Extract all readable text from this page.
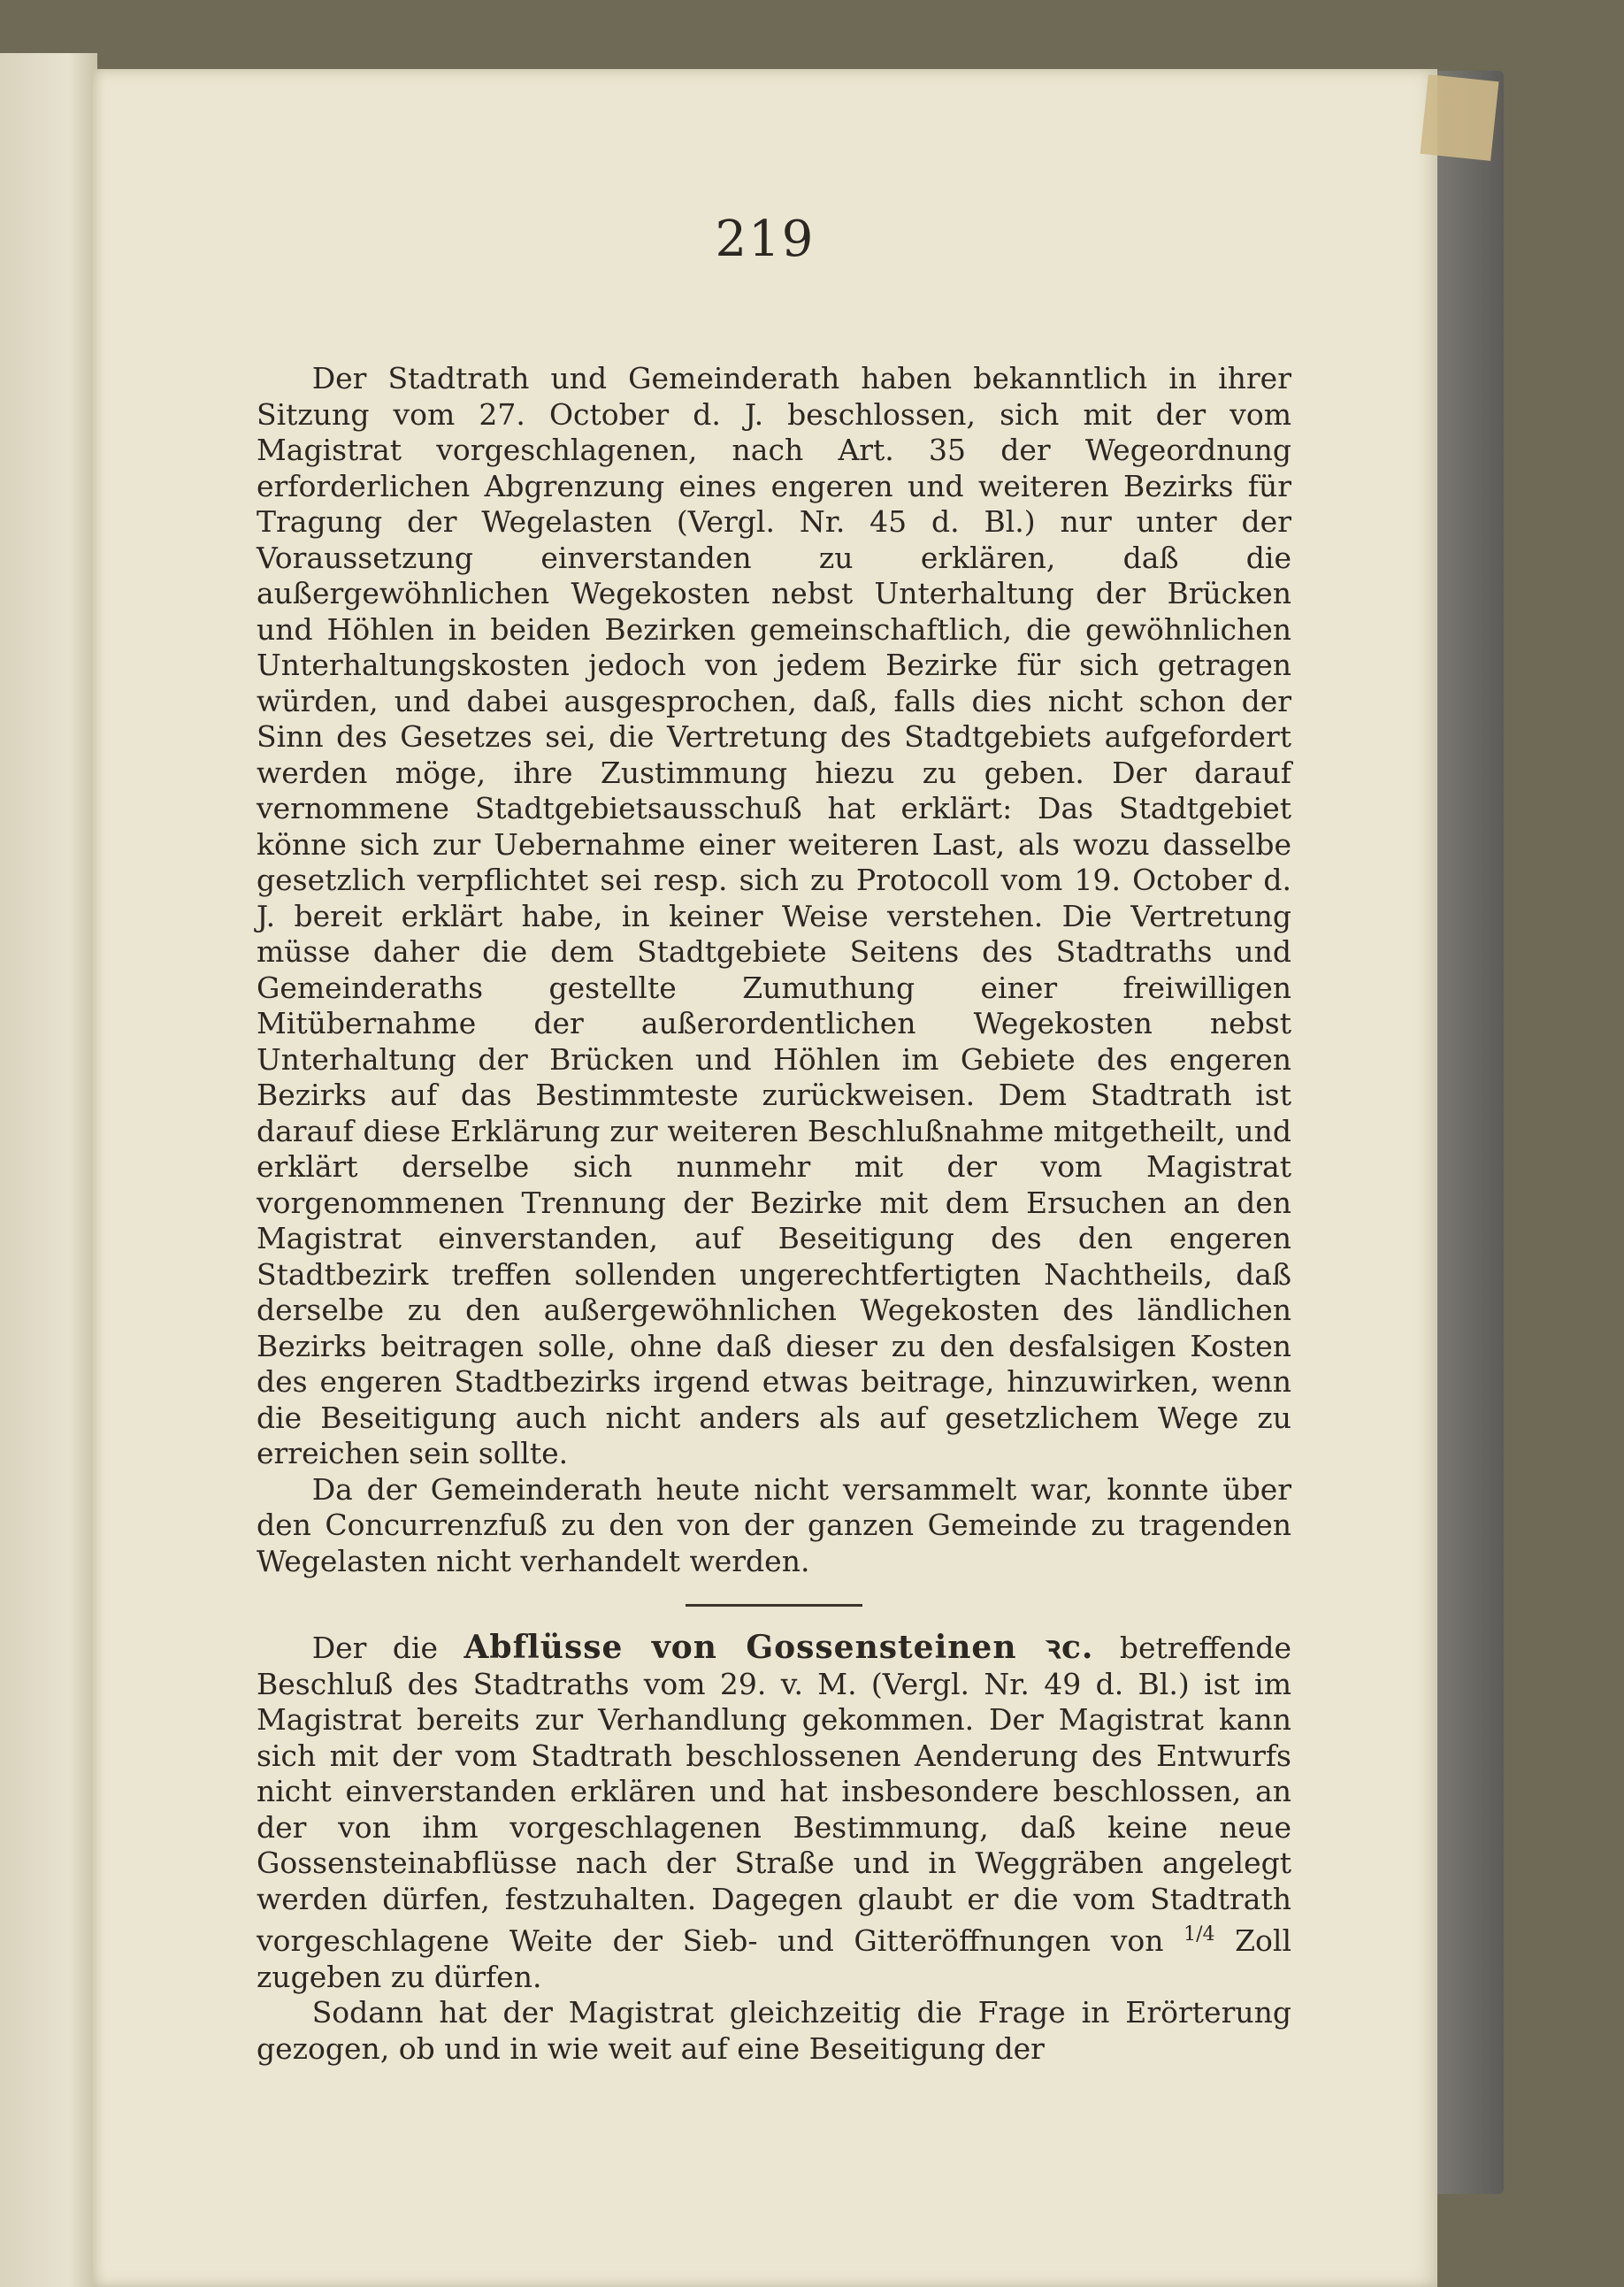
219

Der Stadtrath und Gemeinderath haben bekanntlich in ihrer Sitzung vom 27. October d. J. beschlossen, sich mit der vom Magistrat vorgeschlagenen, nach Art. 35 der Wegeordnung erforderlichen Abgrenzung eines engeren und weiteren Bezirks für Tragung der Wegelasten (Vergl. Nr. 45 d. Bl.) nur unter der Voraussetzung einverstanden zu erklären, daß die außergewöhnlichen Wegekosten nebst Unterhaltung der Brücken und Höhlen in beiden Bezirken gemeinschaftlich, die gewöhnlichen Unterhaltungskosten jedoch von jedem Bezirke für sich getragen würden, und dabei ausgesprochen, daß, falls dies nicht schon der Sinn des Gesetzes sei, die Vertretung des Stadtgebiets aufgefordert werden möge, ihre Zustimmung hiezu zu geben. Der darauf vernommene Stadtgebietsausschuß hat erklärt: Das Stadtgebiet könne sich zur Uebernahme einer weiteren Last, als wozu dasselbe gesetzlich verpflichtet sei resp. sich zu Protocoll vom 19. October d. J. bereit erklärt habe, in keiner Weise verstehen. Die Vertretung müsse daher die dem Stadtgebiete Seitens des Stadtraths und Gemeinderaths gestellte Zumuthung einer freiwilligen Mitübernahme der außerordentlichen Wegekosten nebst Unterhaltung der Brücken und Höhlen im Gebiete des engeren Bezirks auf das Bestimmteste zurückweisen. Dem Stadtrath ist darauf diese Erklärung zur weiteren Beschlußnahme mitgetheilt, und erklärt derselbe sich nunmehr mit der vom Magistrat vorgenommenen Trennung der Bezirke mit dem Ersuchen an den Magistrat einverstanden, auf Beseitigung des den engeren Stadtbezirk treffen sollenden ungerechtfertigten Nachtheils, daß derselbe zu den außergewöhnlichen Wegekosten des ländlichen Bezirks beitragen solle, ohne daß dieser zu den desfalsigen Kosten des engeren Stadtbezirks irgend etwas beitrage, hinzuwirken, wenn die Beseitigung auch nicht anders als auf gesetzlichem Wege zu erreichen sein sollte.

Da der Gemeinderath heute nicht versammelt war, konnte über den Concurrenzfuß zu den von der ganzen Gemeinde zu tragenden Wegelasten nicht verhandelt werden.

Der die Abflüsse von Gossensteinen ꝛc. betreffende Beschluß des Stadtraths vom 29. v. M. (Vergl. Nr. 49 d. Bl.) ist im Magistrat bereits zur Verhandlung gekommen. Der Magistrat kann sich mit der vom Stadtrath beschlossenen Aenderung des Entwurfs nicht einverstanden erklären und hat insbesondere beschlossen, an der von ihm vorgeschlagenen Bestimmung, daß keine neue Gossensteinabflüsse nach der Straße und in Weggräben angelegt werden dürfen, festzuhalten. Dagegen glaubt er die vom Stadtrath vorgeschlagene Weite der Sieb- und Gitteröffnungen von $^{1/4}$ Zoll zugeben zu dürfen.

Sodann hat der Magistrat gleichzeitig die Frage in Erörterung gezogen, ob und in wie weit auf eine Beseitigung der
